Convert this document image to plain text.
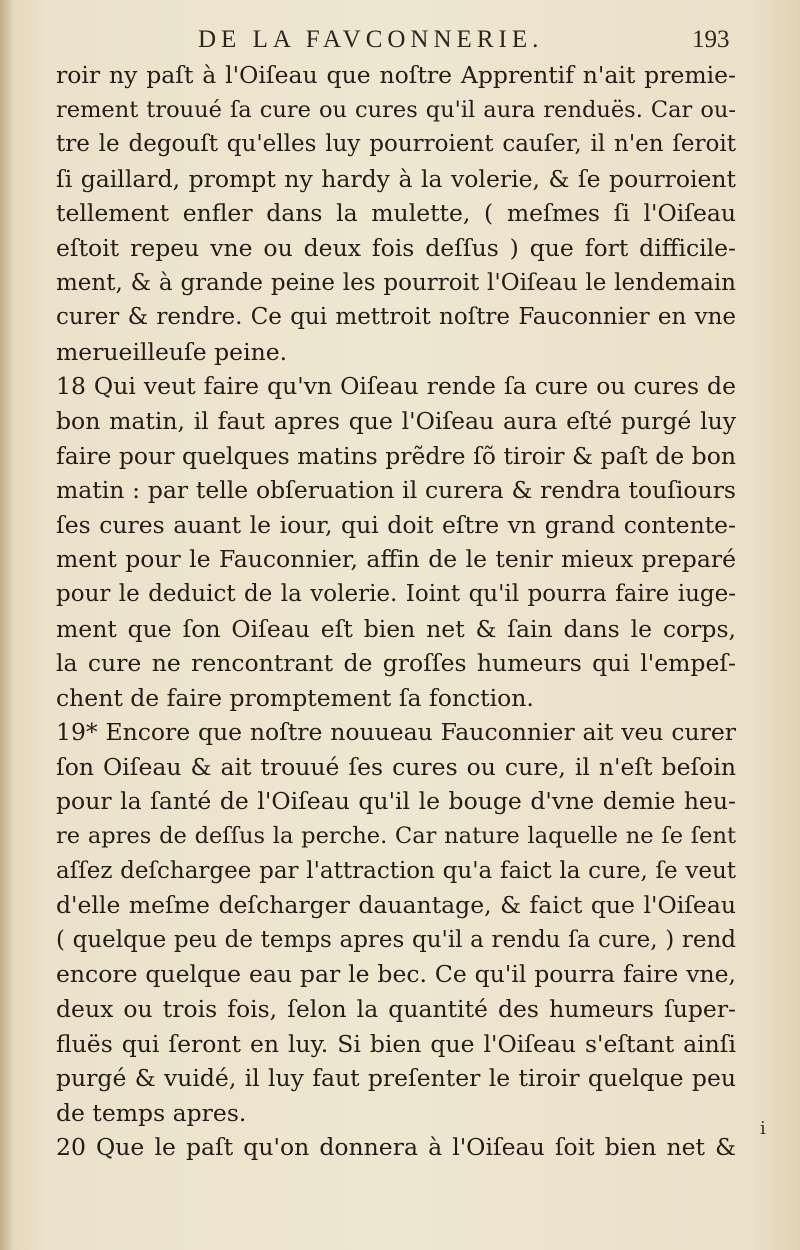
DE LA FAVCONNERIE.	193
roir ny paſt à l'Oiſeau que noſtre Apprentif n'ait premie-
rement trouué ſa cure ou cures qu'il aura renduës. Car ou-
tre le degouſt qu'elles luy pourroient cauſer, il n'en ſeroit
ſi gaillard, prompt ny hardy à la volerie, & ſe pourroient
tellement enfler dans la mulette, ( meſmes ſi l'Oiſeau
eſtoit repeu vne ou deux fois deſſus ) que fort difficile-
ment, & à grande peine les pourroit l'Oiſeau le lendemain
curer & rendre. Ce qui mettroit noſtre Fauconnier en vne
merueilleuſe peine.
18 Qui veut faire qu'vn Oiſeau rende ſa cure ou cures de
bon matin, il faut apres que l'Oiſeau aura eſté purgé luy
faire pour quelques matins prẽdre ſõ tiroir & paſt de bon
matin : par telle obſeruation il curera & rendra touſiours
ſes cures auant le iour, qui doit eſtre vn grand contente-
ment pour le Fauconnier, affin de le tenir mieux preparé
pour le deduict de la volerie. Ioint qu'il pourra faire iuge-
ment que ſon Oiſeau eſt bien net & ſain dans le corps,
la cure ne rencontrant de groſſes humeurs qui l'empeſ-
chent de faire promptement ſa fonction.
19* Encore que noſtre nouueau Fauconnier ait veu curer
ſon Oiſeau & ait trouué ſes cures ou cure, il n'eſt beſoin
pour la ſanté de l'Oiſeau qu'il le bouge d'vne demie heu-
re apres de deſſus la perche. Car nature laquelle ne ſe ſent
aſſez deſchargee par l'attraction qu'a faict la cure, ſe veut
d'elle meſme deſcharger dauantage, & faict que l'Oiſeau
( quelque peu de temps apres qu'il a rendu ſa cure, ) rend
encore quelque eau par le bec. Ce qu'il pourra faire vne,
deux ou trois fois, ſelon la quantité des humeurs ſuper-
fluës qui ſeront en luy. Si bien que l'Oiſeau s'eſtant ainſi
purgé & vuidé, il luy faut preſenter le tiroir quelque peu
de temps apres.
20 Que le paſt qu'on donnera à l'Oiſeau ſoit bien net &
i
